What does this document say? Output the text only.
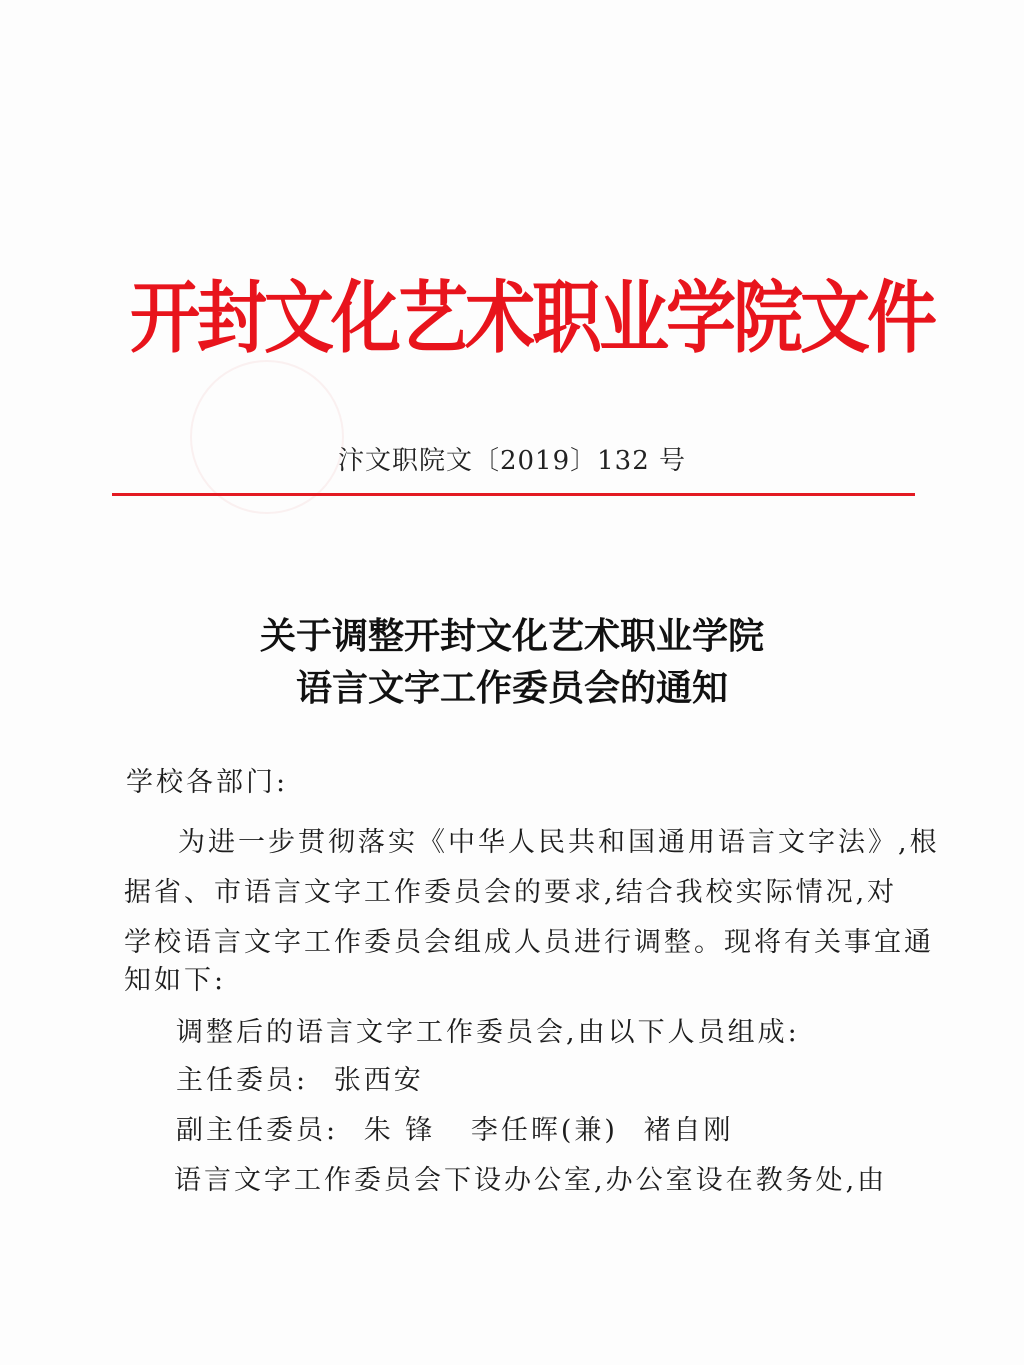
开封文化艺术职业学院文件
汴文职院文〔2019〕132 号
关于调整开封文化艺术职业学院
语言文字工作委员会的通知
学校各部门:
为进一步贯彻落实《中华人民共和国通用语言文字法》,根
据省、市语言文字工作委员会的要求,结合我校实际情况,对
学校语言文字工作委员会组成人员进行调整。现将有关事宜通
知如下:
调整后的语言文字工作委员会,由以下人员组成:
主任委员: 张西安
副主任委员: 朱 锋 李任晖(兼) 褚自刚
语言文字工作委员会下设办公室,办公室设在教务处,由
